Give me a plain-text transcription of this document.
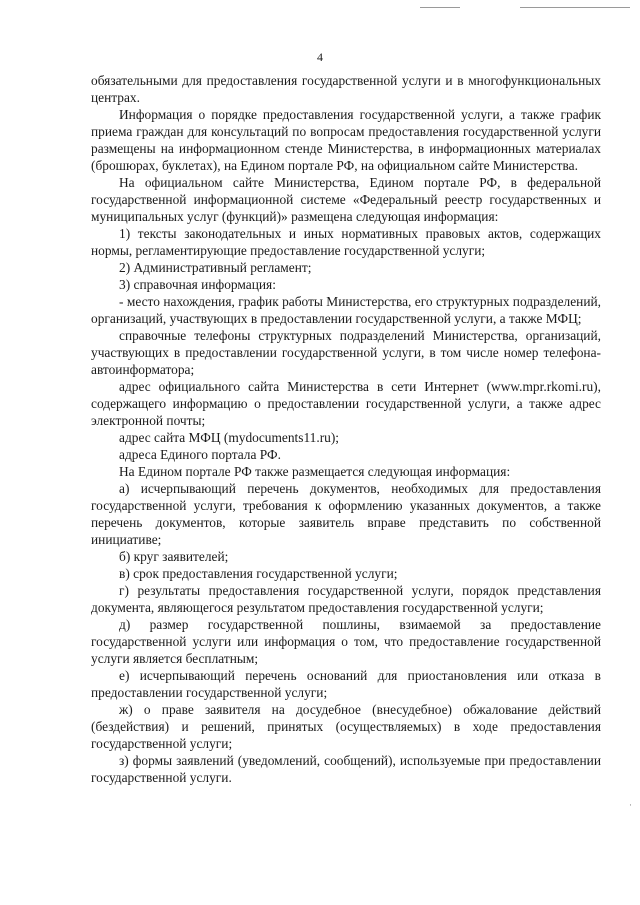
4

обязательными для предоставления государственной услуги и в многофункциональных центрах.

Информация о порядке предоставления государственной услуги, а также график приема граждан для консультаций по вопросам предоставления государственной услуги размещены на информационном стенде Министерства, в информационных материалах (брошюрах, буклетах), на Едином портале РФ, на официальном сайте Министерства.

На официальном сайте Министерства, Едином портале РФ, в федеральной государственной информационной системе «Федеральный реестр государственных и муниципальных услуг (функций)» размещена следующая информация:

1) тексты законодательных и иных нормативных правовых актов, содержащих нормы, регламентирующие предоставление государственной услуги;

2) Административный регламент;

3) справочная информация:

- место нахождения, график работы Министерства, его структурных подразделений, организаций, участвующих в предоставлении государственной услуги, а также МФЦ;

справочные телефоны структурных подразделений Министерства, организаций, участвующих в предоставлении государственной услуги, в том числе номер телефона-автоинформатора;

адрес официального сайта Министерства в сети Интернет (www.mpr.rkomi.ru), содержащего информацию о предоставлении государственной услуги, а также адрес электронной почты;

адрес сайта МФЦ (mydocuments11.ru);

адреса Единого портала РФ.

На Едином портале РФ также размещается следующая информация:

а) исчерпывающий перечень документов, необходимых для предоставления государственной услуги, требования к оформлению указанных документов, а также перечень документов, которые заявитель вправе представить по собственной инициативе;

б) круг заявителей;

в) срок предоставления государственной услуги;

г) результаты предоставления государственной услуги, порядок представления документа, являющегося результатом предоставления государственной услуги;

д) размер государственной пошлины, взимаемой за предоставление государственной услуги или информация о том, что предоставление государственной услуги является бесплатным;

е) исчерпывающий перечень оснований для приостановления или отказа в предоставлении государственной услуги;

ж) о праве заявителя на досудебное (внесудебное) обжалование действий (бездействия) и решений, принятых (осуществляемых) в ходе предоставления государственной услуги;

з) формы заявлений (уведомлений, сообщений), используемые при предоставлении государственной услуги.

·
